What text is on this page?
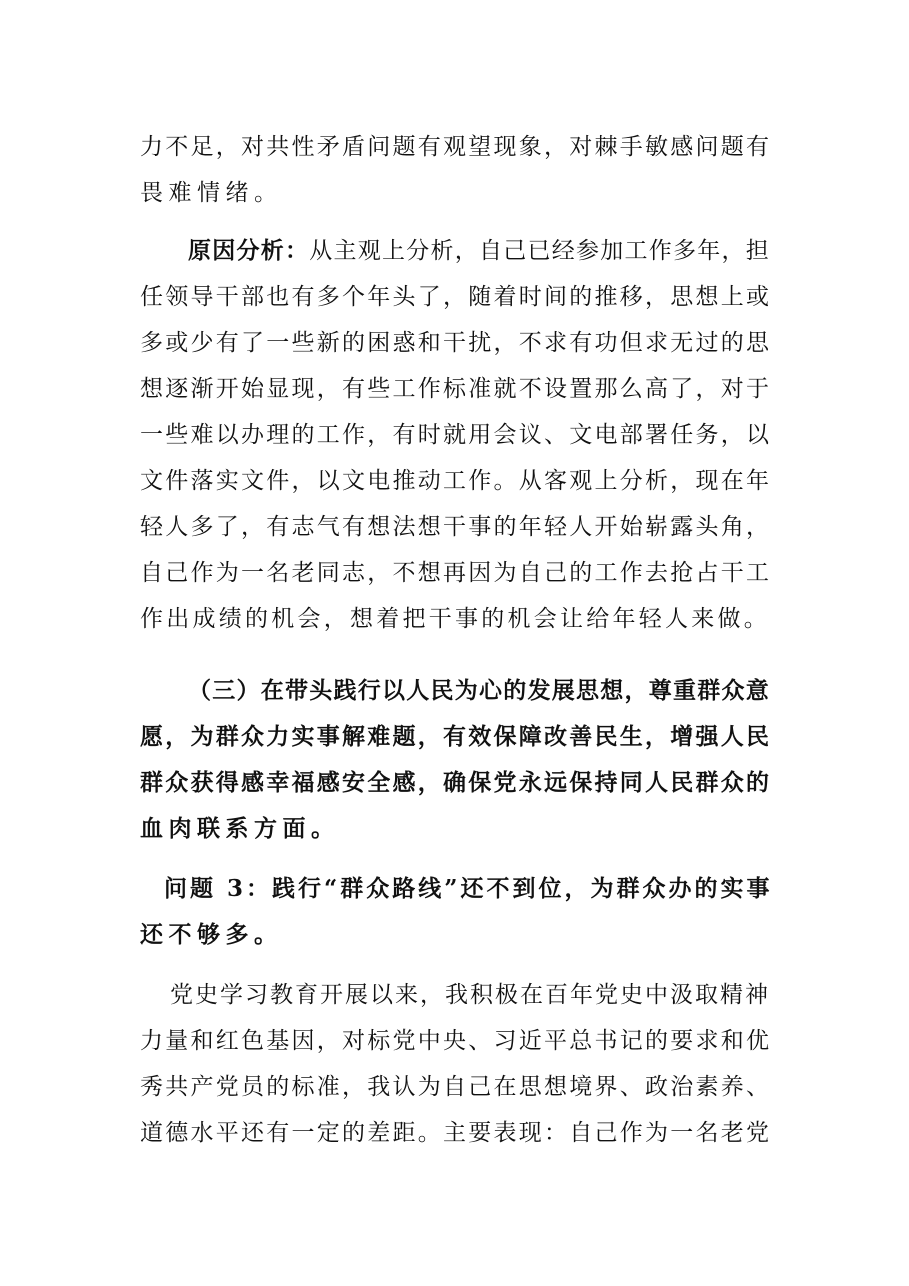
力不足，对共性矛盾问题有观望现象，对棘手敏感问题有
畏难情绪。

原因分析：从主观上分析，自己已经参加工作多年，担
任领导干部也有多个年头了，随着时间的推移，思想上或
多或少有了一些新的困惑和干扰，不求有功但求无过的思
想逐渐开始显现，有些工作标准就不设置那么高了，对于
一些难以办理的工作，有时就用会议、文电部署任务，以
文件落实文件，以文电推动工作。从客观上分析，现在年
轻人多了，有志气有想法想干事的年轻人开始崭露头角，
自己作为一名老同志，不想再因为自己的工作去抢占干工
作出成绩的机会，想着把干事的机会让给年轻人来做。

（三）在带头践行以人民为心的发展思想，尊重群众意
愿，为群众力实事解难题，有效保障改善民生，增强人民
群众获得感幸福感安全感，确保党永远保持同人民群众的
血肉联系方面。

问题 3：践行“群众路线”还不到位，为群众办的实事
还不够多。

党史学习教育开展以来，我积极在百年党史中汲取精神
力量和红色基因，对标党中央、习近平总书记的要求和优
秀共产党员的标准，我认为自己在思想境界、政治素养、
道德水平还有一定的差距。主要表现：自己作为一名老党
